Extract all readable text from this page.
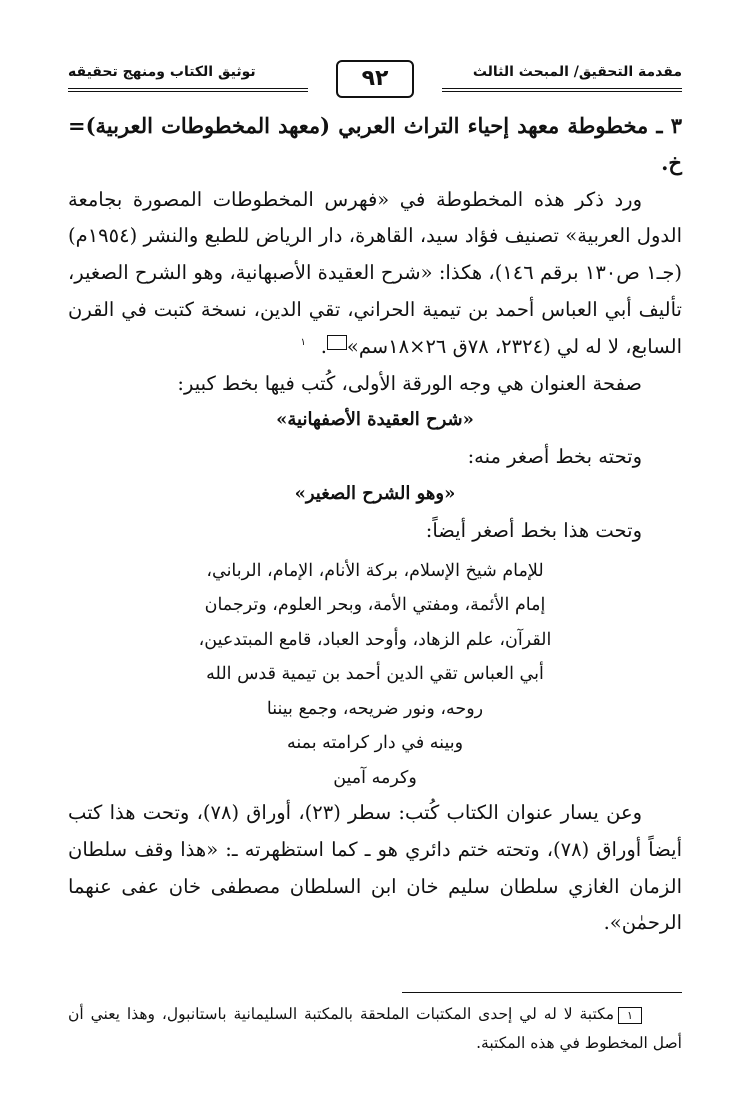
مقدمة التحقيق/ المبحث الثالث
توثيق الكتاب ومنهج تحقيقه	٩٢

٣ ـ مخطوطة معهد إحياء التراث العربي (معهد المخطوطات العربية)= خ.

ورد ذكر هذه المخطوطة في «فهرس المخطوطات المصورة بجامعة الدول العربية» تصنيف فؤاد سيد، القاهرة، دار الرياض للطبع والنشر (١٩٥٤م) (جـ١ ص١٣٠ برقم ١٤٦)، هكذا: «شرح العقيدة الأصبهانية، وهو الشرح الصغير، تأليف أبي العباس أحمد بن تيمية الحراني، تقي الدين، نسخة كتبت في القرن السابع، لا له لي (٢٣٢٤، ٧٨ق ٢٦×١٨سم»١ .

صفحة العنوان هي وجه الورقة الأولى، كُتب فيها بخط كبير:

«شرح العقيدة الأصفهانية»

وتحته بخط أصغر منه:

«وهو الشرح الصغير»

وتحت هذا بخط أصغر أيضاً:

للإمام شيخ الإسلام، بركة الأنام، الإمام، الرباني،
إمام الأئمة، ومفتي الأمة، وبحر العلوم، وترجمان
القرآن، علم الزهاد، وأوحد العباد، قامع المبتدعين،
أبي العباس تقي الدين أحمد بن تيمية قدس الله
روحه، ونور ضريحه، وجمع بيننا
وبينه في دار كرامته بمنه
وكرمه آمين

وعن يسار عنوان الكتاب كُتب: سطر (٢٣)، أوراق (٧٨)، وتحت هذا كتب أيضاً أوراق (٧٨)، وتحته ختم دائري هو ـ كما استظهرته ـ: «هذا وقف سلطان الزمان الغازي سلطان سليم خان ابن السلطان مصطفى خان عفى عنهما الرحمٰن».

١مكتبة لا له لي إحدى المكتبات الملحقة بالمكتبة السليمانية باستانبول، وهذا يعني أن أصل المخطوط في هذه المكتبة.
